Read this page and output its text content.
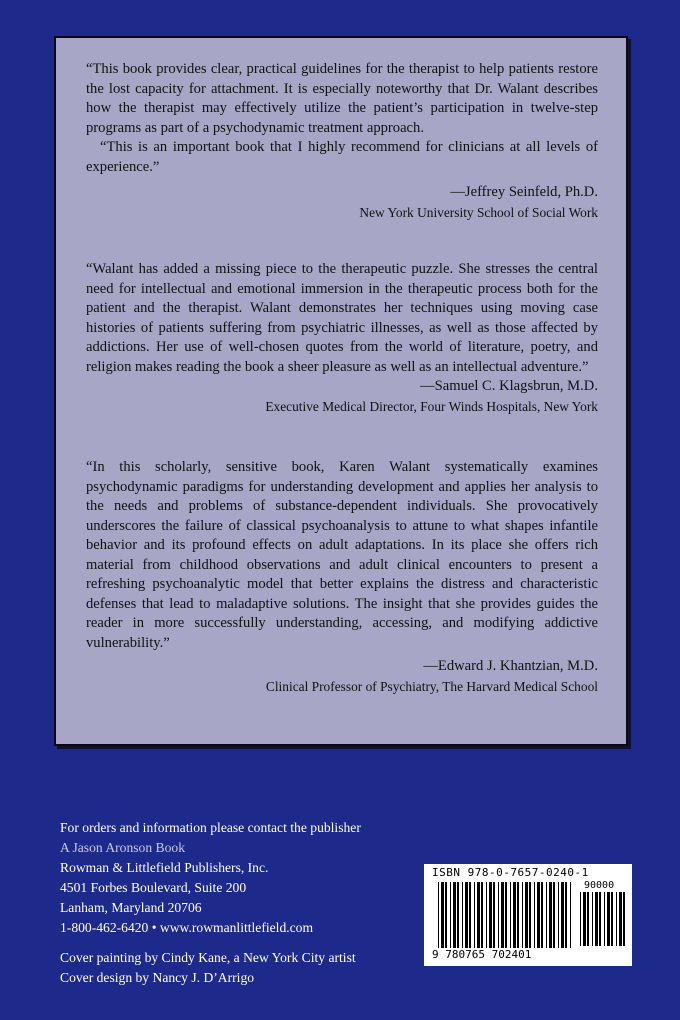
“This book provides clear, practical guidelines for the therapist to help patients restore the lost capacity for attachment. It is especially noteworthy that Dr. Walant describes how the therapist may effectively utilize the patient’s participation in twelve-step programs as part of a psychodynamic treatment approach.

“This is an important book that I highly recommend for clinicians at all levels of experience.”

—Jeffrey Seinfeld, Ph.D.
New York University School of Social Work

“Walant has added a missing piece to the therapeutic puzzle. She stresses the central need for intellectual and emotional immersion in the therapeutic process both for the patient and the therapist. Walant demonstrates her techniques using moving case histories of patients suffering from psychiatric illnesses, as well as those affected by addictions. Her use of well-chosen quotes from the world of literature, poetry, and religion makes reading the book a sheer pleasure as well as an intellectual adventure.”

—Samuel C. Klagsbrun, M.D.
Executive Medical Director, Four Winds Hospitals, New York

“In this scholarly, sensitive book, Karen Walant systematically examines psychodynamic paradigms for understanding development and applies her analysis to the needs and problems of substance-dependent individuals. She provocatively underscores the failure of classical psychoanalysis to attune to what shapes infantile behavior and its profound effects on adult adaptations. In its place she offers rich material from childhood observations and adult clinical encounters to present a refreshing psychoanalytic model that better explains the distress and characteristic defenses that lead to maladaptive solutions. The insight that she provides guides the reader in more successfully understanding, accessing, and modifying addictive vulnerability.”

—Edward J. Khantzian, M.D.
Clinical Professor of Psychiatry, The Harvard Medical School
For orders and information please contact the publisher
A Jason Aronson Book
Rowman & Littlefield Publishers, Inc.
4501 Forbes Boulevard, Suite 200
Lanham, Maryland 20706
1-800-462-6420 • www.rowmanlittlefield.com
Cover painting by Cindy Kane, a New York City artist
Cover design by Nancy J. D’Arrigo
ISBN 978-0-7657-0240-1
90000
9 780765 702401
